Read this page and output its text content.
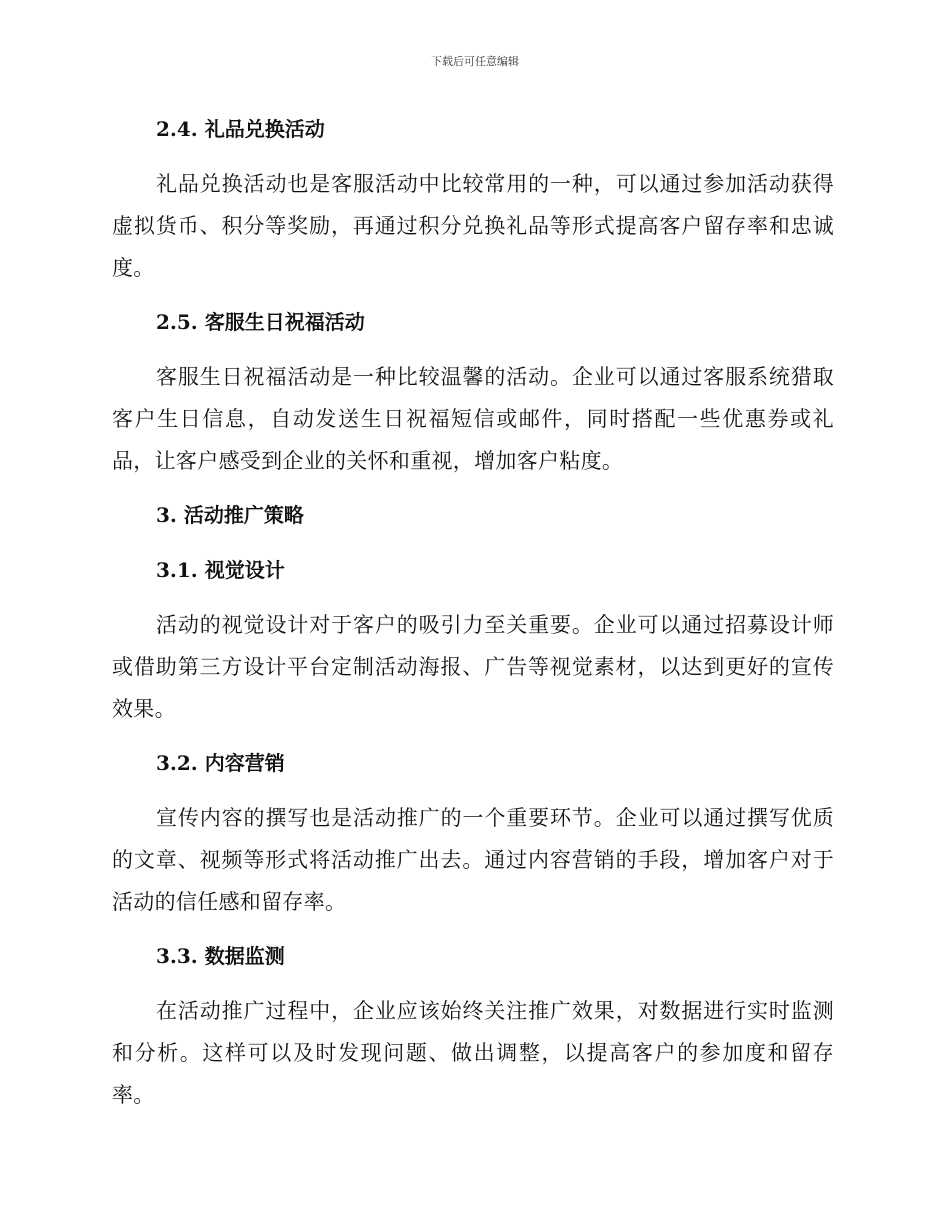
下载后可任意编辑
2.4. 礼品兑换活动

礼品兑换活动也是客服活动中比较常用的一种，可以通过参加活动获得虚拟货币、积分等奖励，再通过积分兑换礼品等形式提高客户留存率和忠诚度。

2.5. 客服生日祝福活动

客服生日祝福活动是一种比较温馨的活动。企业可以通过客服系统猎取客户生日信息，自动发送生日祝福短信或邮件，同时搭配一些优惠券或礼品，让客户感受到企业的关怀和重视，增加客户粘度。

3. 活动推广策略
3.1. 视觉设计

活动的视觉设计对于客户的吸引力至关重要。企业可以通过招募设计师或借助第三方设计平台定制活动海报、广告等视觉素材，以达到更好的宣传效果。

3.2. 内容营销

宣传内容的撰写也是活动推广的一个重要环节。企业可以通过撰写优质的文章、视频等形式将活动推广出去。通过内容营销的手段，增加客户对于活动的信任感和留存率。

3.3. 数据监测

在活动推广过程中，企业应该始终关注推广效果，对数据进行实时监测和分析。这样可以及时发现问题、做出调整，以提高客户的参加度和留存率。
